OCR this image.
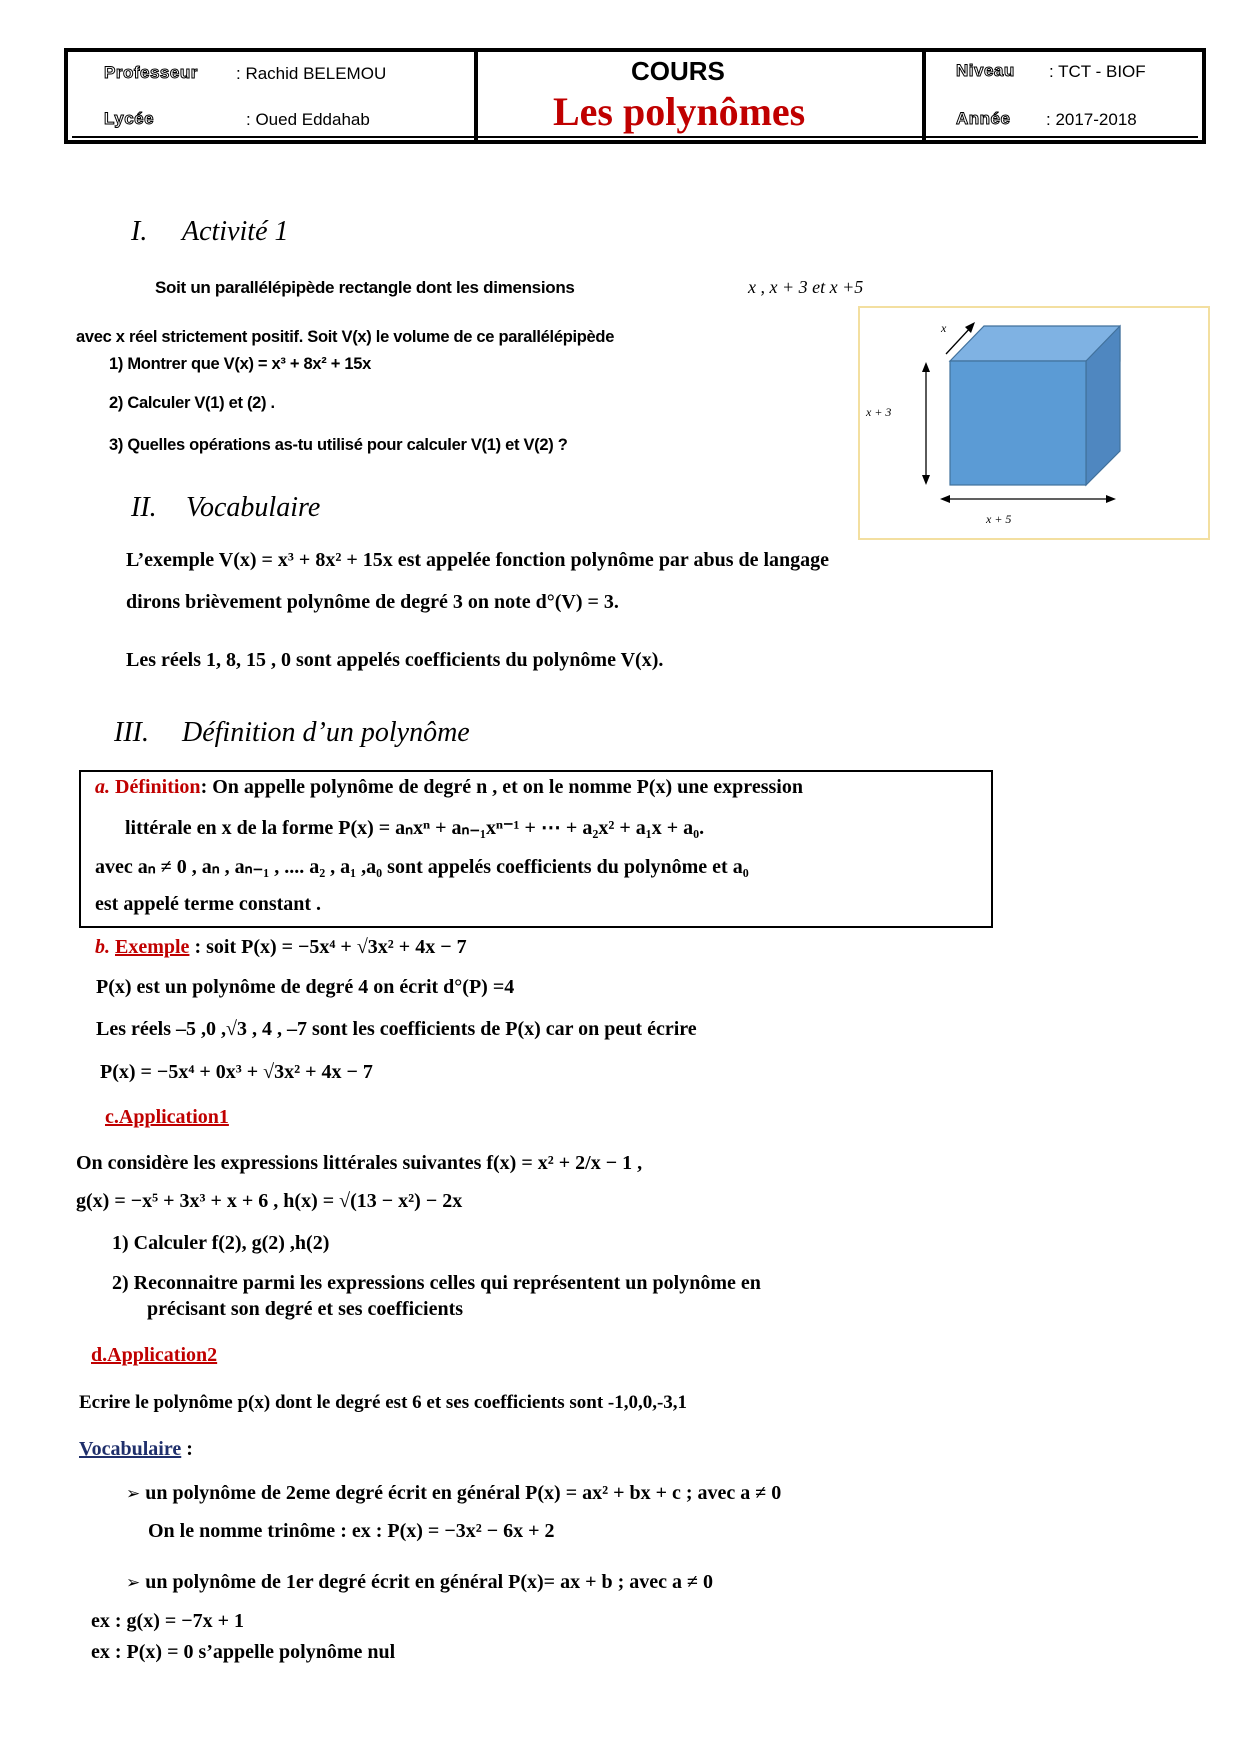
Professeur : Rachid BELEMOU
Lycée	: Oued Eddahab
COURS
Les polynômes
Niveau : TCT - BIOF
Année : 2017-2018
I. Activité 1
Soit un parallélépipède rectangle dont les dimensions	x , x + 3 et x +5
avec x réel strictement positif. Soit V(x) le volume de ce parallélépipède
1) Montrer que V(x) = x³ + 8x² + 15x
2) Calculer V(1) et (2) .
3) Quelles opérations as-tu utilisé pour calculer V(1) et V(2) ?
x
x + 3
x + 5
II. Vocabulaire
L’exemple V(x) = x³ + 8x² + 15x est appelée fonction polynôme par abus de langage
dirons brièvement polynôme de degré 3 on note d°(V) = 3.
Les réels 1, 8, 15 , 0 sont appelés coefficients du polynôme V(x).
III. Définition d’un polynôme
a. Définition: On appelle polynôme de degré n , et on le nomme P(x) une expression
littérale en x de la forme P(x) = aₙxⁿ + aₙ₋₁xⁿ⁻¹ + ⋯ + a₂x² + a₁x + a₀.
avec aₙ ≠ 0 , aₙ , aₙ₋₁ , .... a₂ , a₁ ,a₀ sont appelés coefficients du polynôme et a₀
est appelé terme constant .
b. Exemple : soit P(x) = −5x⁴ + √3x² + 4x − 7
P(x) est un polynôme de degré 4 on écrit d°(P) =4
Les réels –5 ,0 ,√3 , 4 , –7 sont les coefficients de P(x) car on peut écrire
P(x) = −5x⁴ + 0x³ + √3x² + 4x − 7
c.Application1
On considère les expressions littérales suivantes f(x) = x² + 2/x − 1 ,
g(x) = −x⁵ + 3x³ + x + 6 , h(x) = √(13 − x²) − 2x
1) Calculer f(2), g(2) ,h(2)
2) Reconnaitre parmi les expressions celles qui représentent un polynôme en
précisant son degré et ses coefficients
d.Application2
Ecrire le polynôme p(x) dont le degré est 6 et ses coefficients sont -1,0,0,-3,1
Vocabulaire :
➢ un polynôme de 2eme degré écrit en général P(x) = ax² + bx + c ; avec a ≠ 0
On le nomme trinôme : ex : P(x) = −3x² − 6x + 2
➢ un polynôme de 1er degré écrit en général P(x)= ax + b ; avec a ≠ 0
ex : g(x) = −7x + 1
ex : P(x) = 0 s’appelle polynôme nul
